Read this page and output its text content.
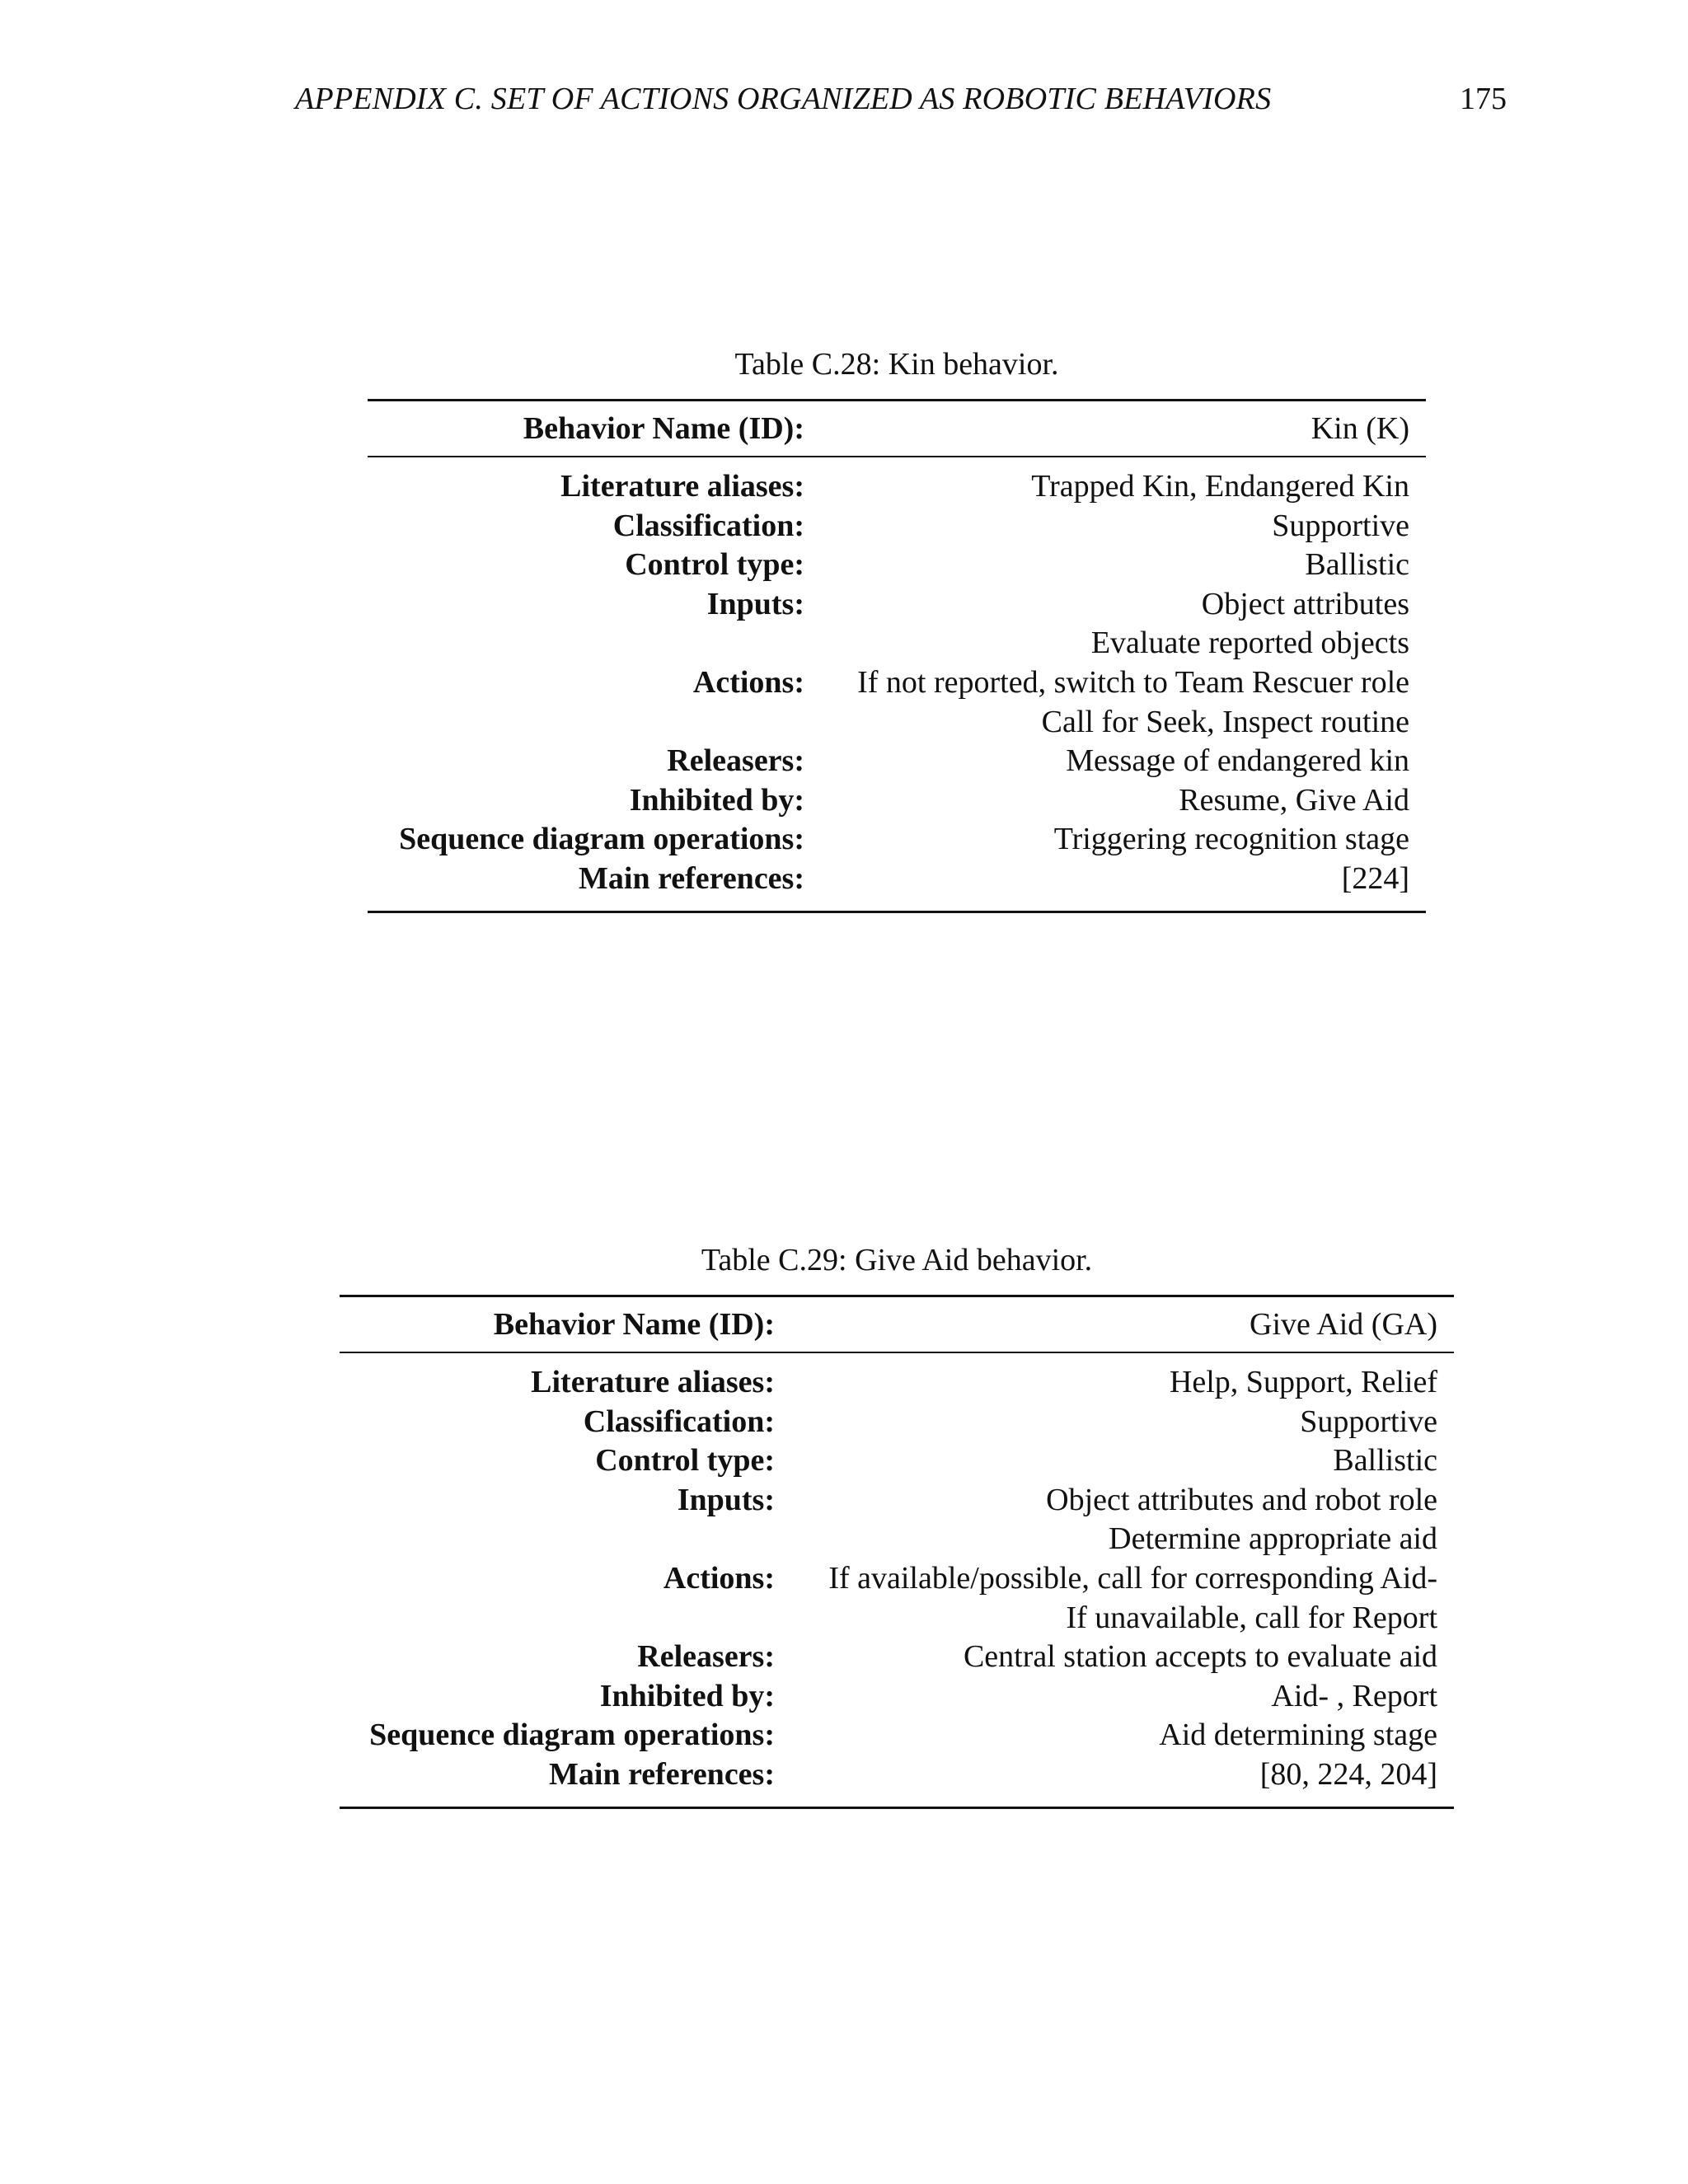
APPENDIX C. SET OF ACTIONS ORGANIZED AS ROBOTIC BEHAVIORS	175
Table C.28: Kin behavior.
Behavior Name (ID):	Kin (K)

Literature aliases:	Trapped Kin, Endangered Kin
Classification:	Supportive
Control type:	Ballistic
Inputs:	Object attributes
	Evaluate reported objects
Actions:	If not reported, switch to Team Rescuer role
	Call for Seek, Inspect routine
Releasers:	Message of endangered kin
Inhibited by:	Resume, Give Aid
Sequence diagram operations:	Triggering recognition stage
Main references:	[224]

Table C.29: Give Aid behavior.
Behavior Name (ID):	Give Aid (GA)

Literature aliases:	Help, Support, Relief
Classification:	Supportive
Control type:	Ballistic
Inputs:	Object attributes and robot role
	Determine appropriate aid
Actions:	If available/possible, call for corresponding Aid-
	If unavailable, call for Report
Releasers:	Central station accepts to evaluate aid
Inhibited by:	Aid- , Report
Sequence diagram operations:	Aid determining stage
Main references:	[80, 224, 204]
